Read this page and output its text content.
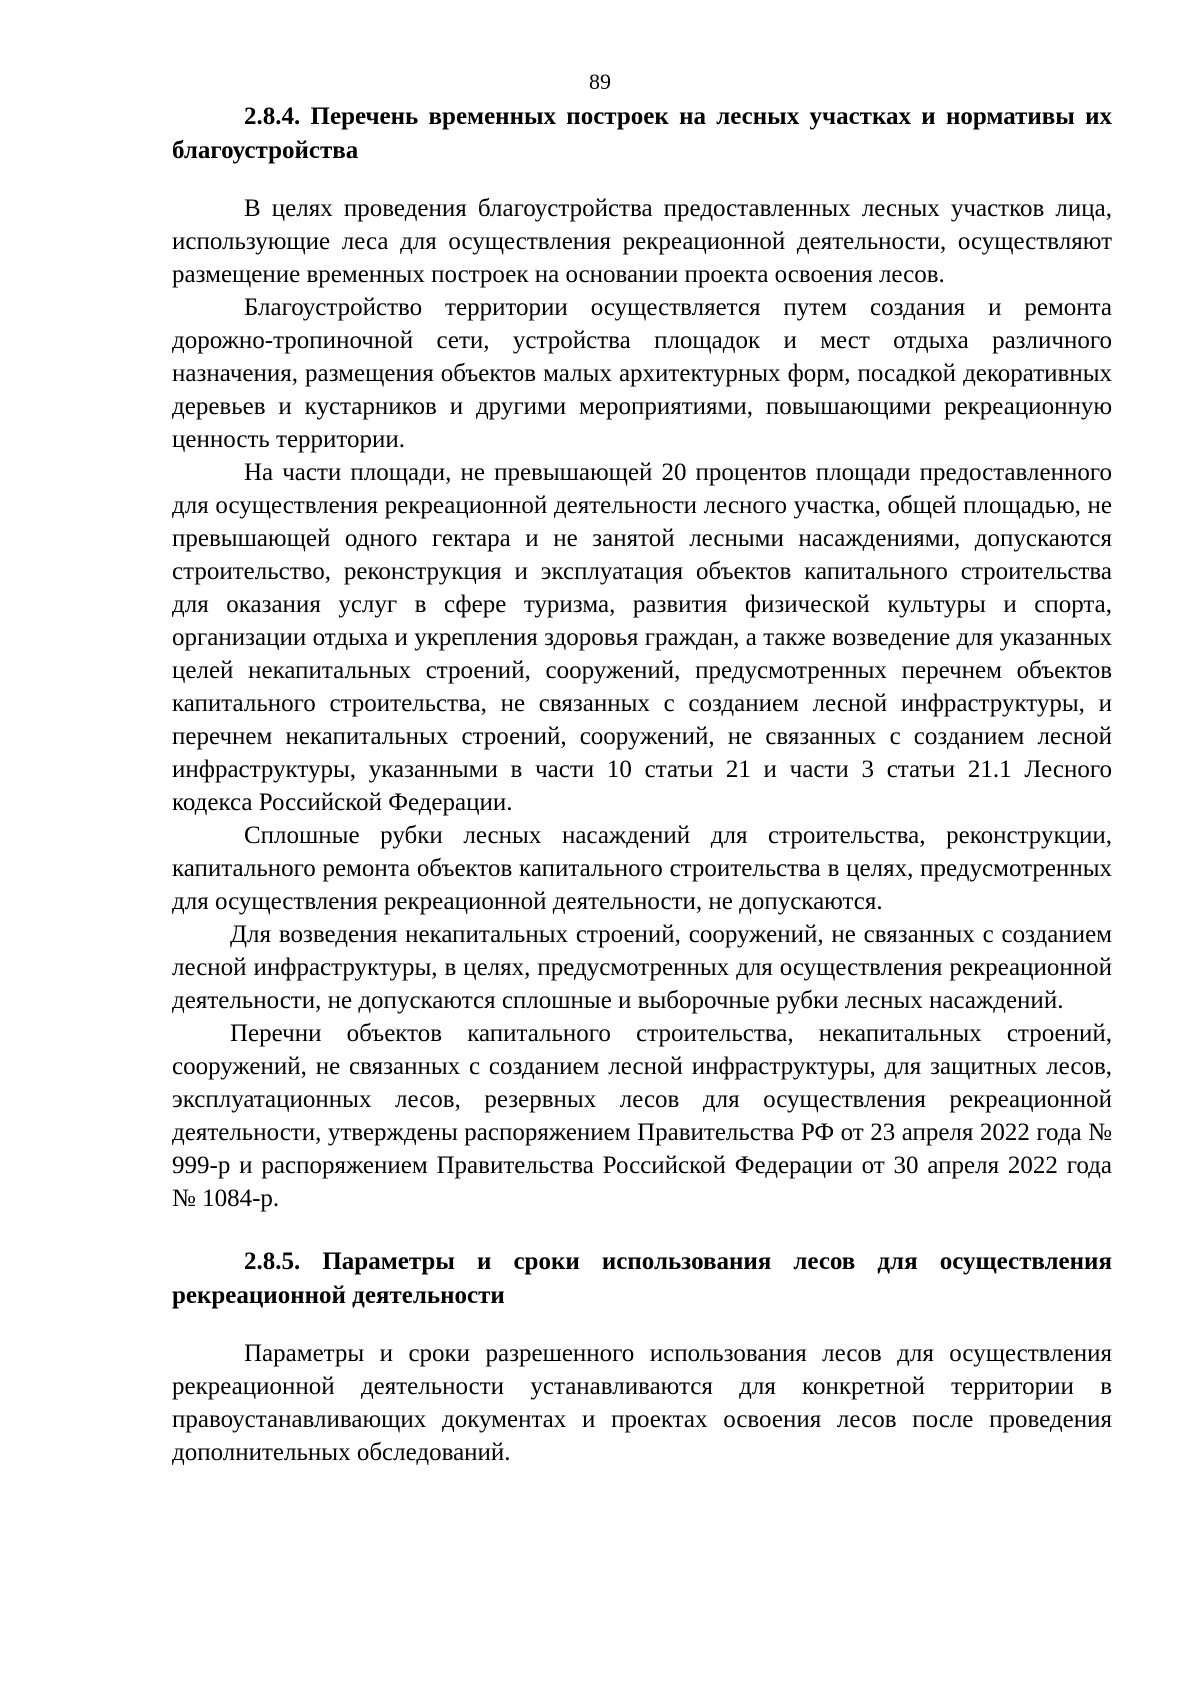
89

2.8.4. Перечень временных построек на лесных участках и нормативы их благоустройства

В целях проведения благоустройства предоставленных лесных участков лица, использующие леса для осуществления рекреационной деятельности, осуществляют размещение временных построек на основании проекта освоения лесов.

Благоустройство территории осуществляется путем создания и ремонта дорожно-тропиночной сети, устройства площадок и мест отдыха различного назначения, размещения объектов малых архитектурных форм, посадкой декоративных деревьев и кустарников и другими мероприятиями, повышающими рекреационную ценность территории.

На части площади, не превышающей 20 процентов площади предоставленного для осуществления рекреационной деятельности лесного участка, общей площадью, не превышающей одного гектара и не занятой лесными насаждениями, допускаются строительство, реконструкция и эксплуатация объектов капитального строительства для оказания услуг в сфере туризма, развития физической культуры и спорта, организации отдыха и укрепления здоровья граждан, а также возведение для указанных целей некапитальных строений, сооружений, предусмотренных перечнем объектов капитального строительства, не связанных с созданием лесной инфраструктуры, и перечнем некапитальных строений, сооружений, не связанных с созданием лесной инфраструктуры, указанными в части 10 статьи 21 и части 3 статьи 21.1 Лесного кодекса Российской Федерации.

Сплошные рубки лесных насаждений для строительства, реконструкции, капитального ремонта объектов капитального строительства в целях, предусмотренных для осуществления рекреационной деятельности, не допускаются.

Для возведения некапитальных строений, сооружений, не связанных с созданием лесной инфраструктуры, в целях, предусмотренных для осуществления рекреационной деятельности, не допускаются сплошные и выборочные рубки лесных насаждений.

Перечни объектов капитального строительства, некапитальных строений, сооружений, не связанных с созданием лесной инфраструктуры, для защитных лесов, эксплуатационных лесов, резервных лесов для осуществления рекреационной деятельности, утверждены распоряжением Правительства РФ от 23 апреля 2022 года № 999-р и распоряжением Правительства Российской Федерации от 30 апреля 2022 года № 1084-р.

2.8.5. Параметры и сроки использования лесов для осуществления рекреационной деятельности

Параметры и сроки разрешенного использования лесов для осуществления рекреационной деятельности устанавливаются для конкретной территории в правоустанавливающих документах и проектах освоения лесов после проведения дополнительных обследований.
